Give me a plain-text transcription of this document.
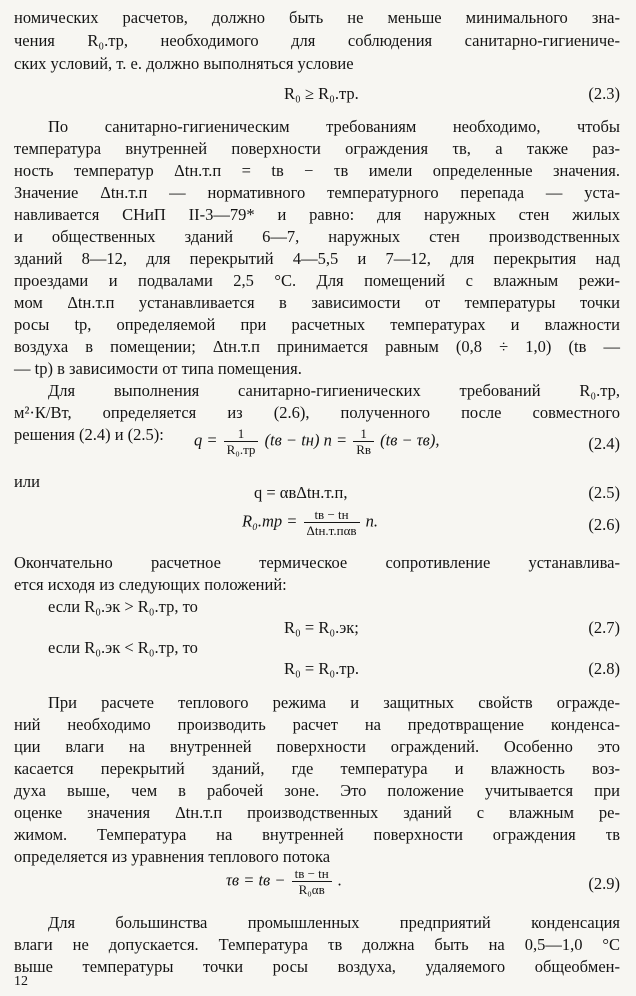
номических расчетов, должно быть не меньше минимального зна-
чения R₀.тр, необходимого для соблюдения санитарно-гигиениче-
ских условий, т. е. должно выполняться условие
R₀ ≥ R₀.тр.	(2.3)
По санитарно-гигиеническим требованиям необходимо, чтобы
температура внутренней поверхности ограждения τв, а также раз-
ность температур Δtн.т.п = tв − τв имели определенные значения.
Значение Δtн.т.п — нормативного температурного перепада — уста-
навливается СНиП II-3—79* и равно: для наружных стен жилых
и общественных зданий 6—7, наружных стен производственных
зданий 8—12, для перекрытий 4—5,5 и 7—12, для перекрытия над
проездами и подвалами 2,5 °С. Для помещений с влажным режи-
мом Δtн.т.п устанавливается в зависимости от температуры точки
росы tр, определяемой при расчетных температурах и влажности
воздуха в помещении; Δtн.т.п принимается равным (0,8 ÷ 1,0) (tв —
— tр) в зависимости от типа помещения.
Для выполнения санитарно-гигиенических требований R₀.тр,
м²·К/Вт, определяется из (2.6), полученного после совместного
решения (2.4) и (2.5):	$q = \frac{1}{\text{R₀.тр}} (tв - tн) n = \frac{1}{Rв} (tв - \tau в)$,	(2.4)
или
q = αвΔtн.т.п,	(2.5)
$R_0.тр = \frac{tв - tн}{\text{Δtн.т.пαв}} n$.	(2.6)
Окончательно расчетное термическое сопротивление устанавлива-
ется исходя из следующих положений:
если R₀.эк > R₀.тр, то
R₀ = R₀.эк;	(2.7)
если R₀.эк < R₀.тр, то
R₀ = R₀.тр.	(2.8)
При расчете теплового режима и защитных свойств огражде-
ний необходимо производить расчет на предотвращение конденса-
ции влаги на внутренней поверхности ограждений. Особенно это
касается перекрытий зданий, где температура и влажность воз-
духа выше, чем в рабочей зоне. Это положение учитывается при
оценке значения Δtн.т.п производственных зданий с влажным ре-
жимом. Температура на внутренней поверхности ограждения τв
определяется из уравнения теплового потока
τв = tв − $\frac{tв - tн}{\text{R₀αв}}$ .	(2.9)
Для большинства промышленных предприятий конденсация
влаги не допускается. Температура τв должна быть на 0,5—1,0 °С
выше температуры точки росы воздуха, удаляемого общеобмен-
12
